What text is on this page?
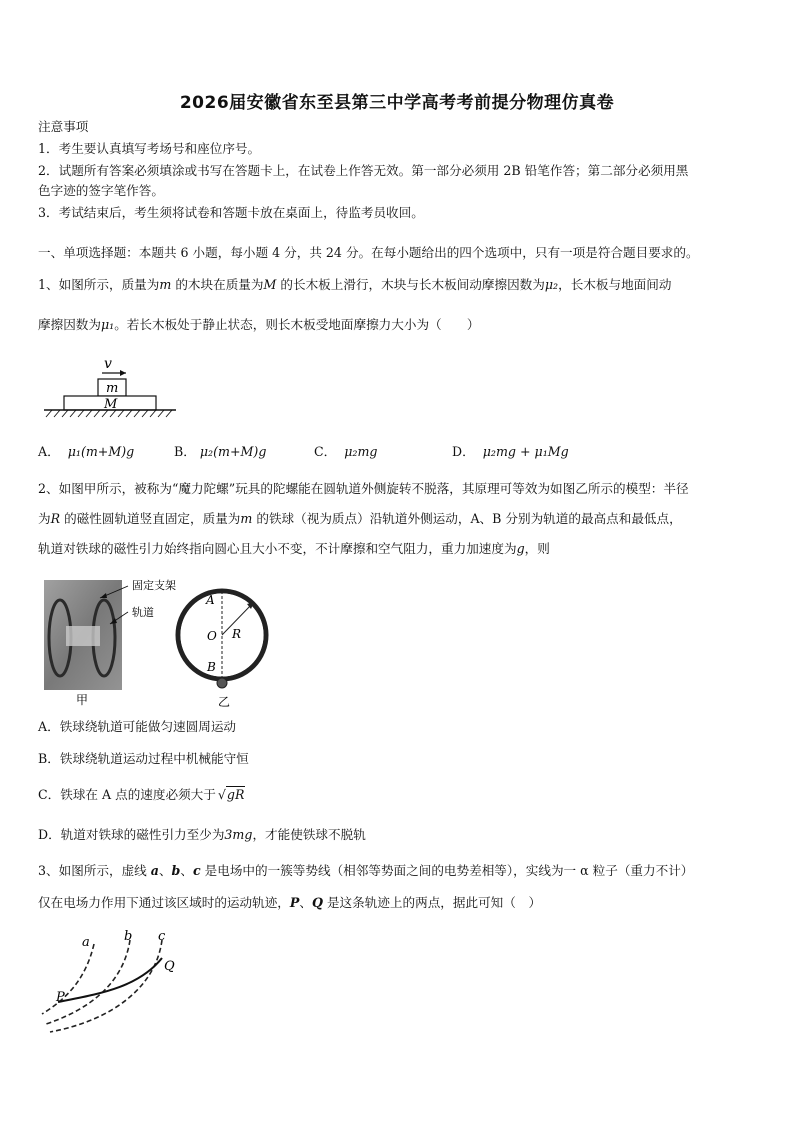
2026届安徽省东至县第三中学高考考前提分物理仿真卷
注意事项
1．考生要认真填写考场号和座位序号。
2．试题所有答案必须填涂或书写在答题卡上，在试卷上作答无效。第一部分必须用 2B 铅笔作答；第二部分必须用黑
色字迹的签字笔作答。
3．考试结束后，考生须将试卷和答题卡放在桌面上，待监考员收回。
一、单项选择题：本题共 6 小题，每小题 4 分，共 24 分。在每小题给出的四个选项中，只有一项是符合题目要求的。
1、如图所示，质量为m 的木块在质量为M 的长木板上滑行，木块与长木板间动摩擦因数为μ₂，长木板与地面间动
摩擦因数为μ₁。若长木板处于静止状态，则长木板受地面摩擦力大小为（　　）
v
m
M
A． μ₁(m+M)g	B． μ₂(m+M)g	C． μ₂mg	D． μ₂mg + μ₁Mg
2、如图甲所示，被称为“魔力陀螺”玩具的陀螺能在圆轨道外侧旋转不脱落，其原理可等效为如图乙所示的模型：半径
为R 的磁性圆轨道竖直固定，质量为m 的铁球（视为质点）沿轨道外侧运动，A、B 分别为轨道的最高点和最低点，
轨道对铁球的磁性引力始终指向圆心且大小不变，不计摩擦和空气阻力，重力加速度为g，则
固定支架
轨道
甲
A
O R
B
乙
A．铁球绕轨道可能做匀速圆周运动
B．铁球绕轨道运动过程中机械能守恒
C．铁球在 A 点的速度必须大于 √gR
D．轨道对铁球的磁性引力至少为3mg，才能使铁球不脱轨
3、如图所示，虚线 a、b、c 是电场中的一簇等势线（相邻等势面之间的电势差相等），实线为一 α 粒子（重力不计）
仅在电场力作用下通过该区域时的运动轨迹，P、Q 是这条轨迹上的两点，据此可知（　）
a	b c
P
Q
